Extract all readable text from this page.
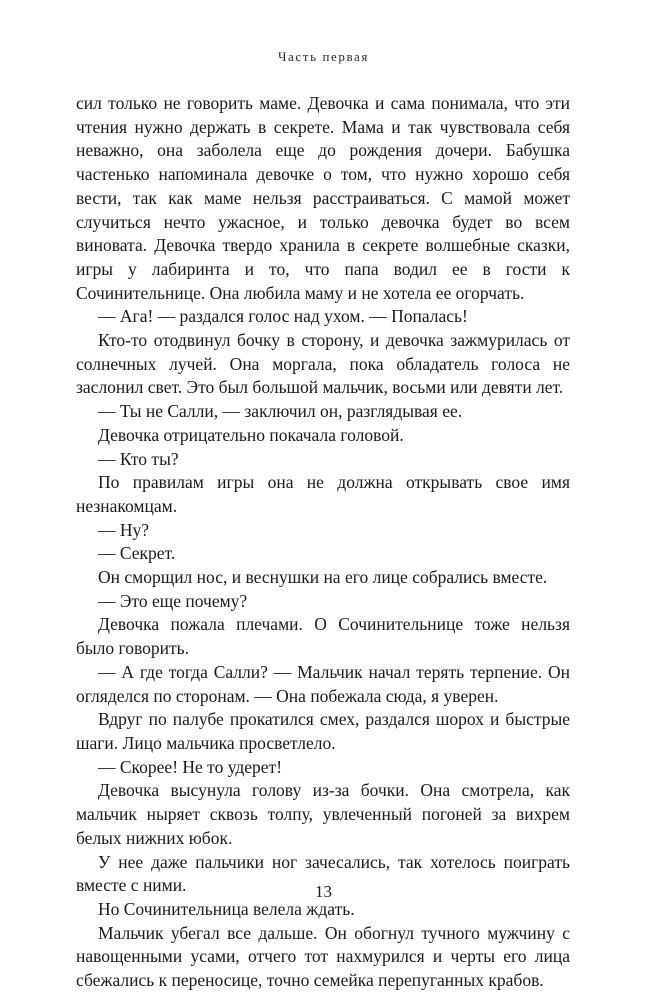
Часть первая

сил только не говорить маме. Девочка и сама понимала, что эти чтения нужно держать в секрете. Мама и так чувствовала себя неважно, она заболела еще до рождения дочери. Бабушка частенько напоминала девочке о том, что нужно хорошо себя вести, так как маме нельзя расстраиваться. С мамой может случиться нечто ужасное, и только девочка будет во всем виновата. Девочка твердо хранила в секрете волшебные сказки, игры у лабиринта и то, что папа водил ее в гости к Сочинительнице. Она любила маму и не хотела ее огорчать.

— Ага! — раздался голос над ухом. — Попалась!

Кто-то отодвинул бочку в сторону, и девочка зажмурилась от солнечных лучей. Она моргала, пока обладатель голоса не заслонил свет. Это был большой мальчик, восьми или девяти лет.

— Ты не Салли, — заключил он, разглядывая ее.

Девочка отрицательно покачала головой.

— Кто ты?

По правилам игры она не должна открывать свое имя незнакомцам.

— Ну?

— Секрет.

Он сморщил нос, и веснушки на его лице собрались вместе.

— Это еще почему?

Девочка пожала плечами. О Сочинительнице тоже нельзя было говорить.

— А где тогда Салли? — Мальчик начал терять терпение. Он огляделся по сторонам. — Она побежала сюда, я уверен.

Вдруг по палубе прокатился смех, раздался шорох и быстрые шаги. Лицо мальчика просветлело.

— Скорее! Не то удерет!

Девочка высунула голову из-за бочки. Она смотрела, как мальчик ныряет сквозь толпу, увлеченный погоней за вихрем белых нижних юбок.

У нее даже пальчики ног зачесались, так хотелось поиграть вместе с ними.

Но Сочинительница велела ждать.

Мальчик убегал все дальше. Он обогнул тучного мужчину с навощенными усами, отчего тот нахмурился и черты его лица сбежались к переносице, точно семейка перепуганных крабов.

13
